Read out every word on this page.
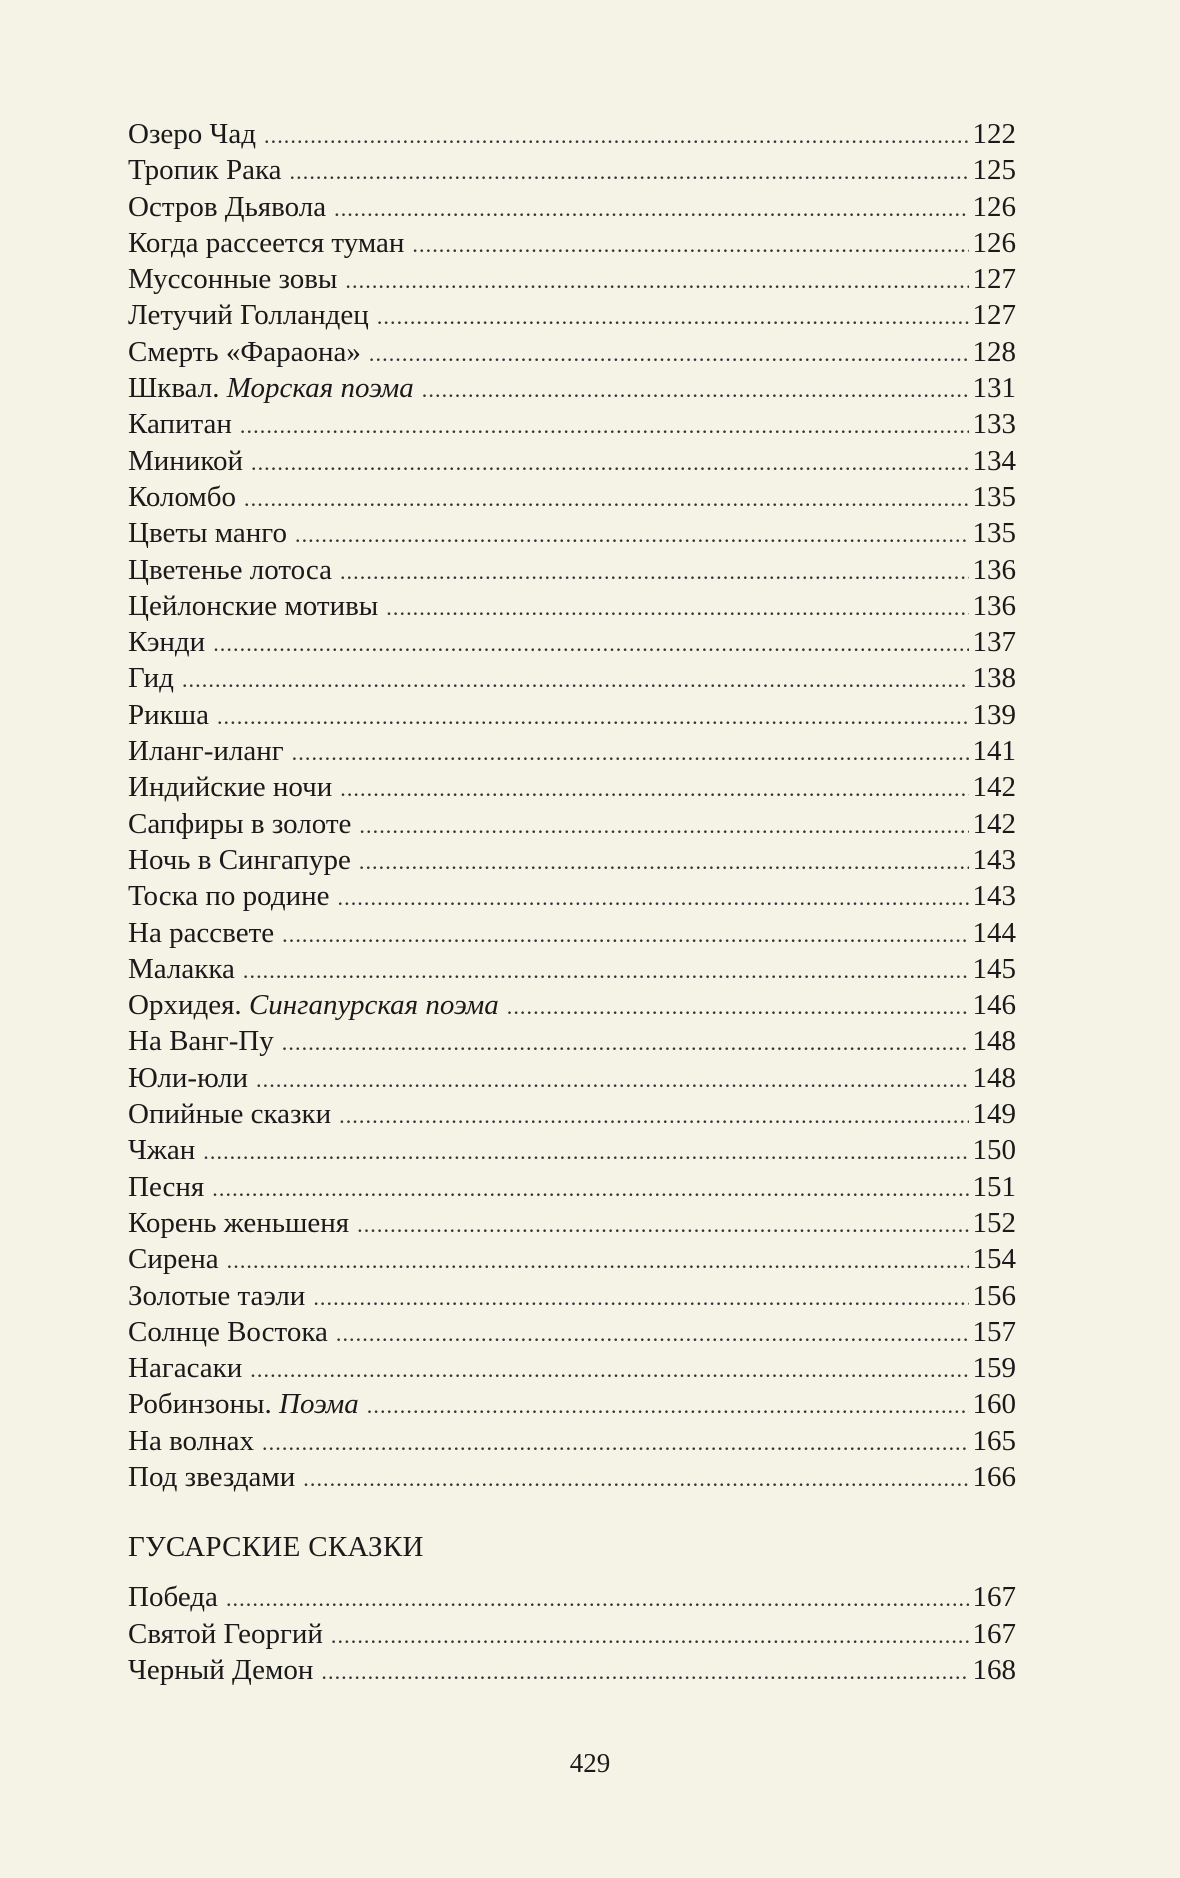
Озеро Чад . . .	122
Тропик Рака . . .	125
Остров Дьявола . . .	126
Когда рассеется туман . . .	126
Муссонные зовы . . .	127
Летучий Голландец . . .	127
Смерть «Фараона» . . .	128
Шквал. Морская поэма . . .	131
Капитан . . .	133
Миникой . . .	134
Коломбо . . .	135
Цветы манго . . .	135
Цветенье лотоса . . .	136
Цейлонские мотивы . . .	136
Кэнди . . .	137
Гид . . .	138
Рикша . . .	139
Иланг-иланг . . .	141
Индийские ночи . . .	142
Сапфиры в золоте . . .	142
Ночь в Сингапуре . . .	143
Тоска по родине . . .	143
На рассвете . . .	144
Малакка . . .	145
Орхидея. Сингапурская поэма . . .	146
На Ванг-Пу . . .	148
Юли-юли . . .	148
Опийные сказки . . .	149
Чжан . . .	150
Песня . . .	151
Корень женьшеня . . .	152
Сирена . . .	154
Золотые таэли . . .	156
Солнце Востока . . .	157
Нагасаки . . .	159
Робинзоны. Поэма . . .	160
На волнах . . .	165
Под звездами . . .	166
ГУСАРСКИЕ СКАЗКИ
Победа . . .	167
Святой Георгий . . .	167
Черный Демон . . .	168
429
